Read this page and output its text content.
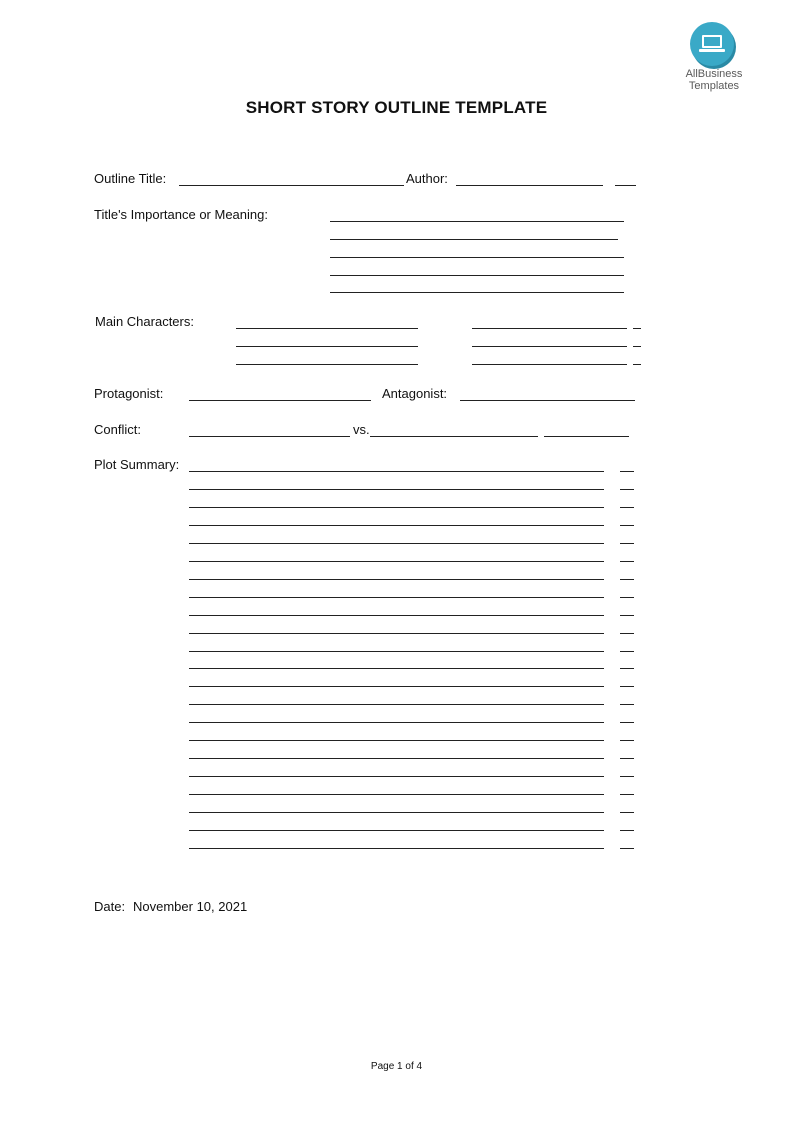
AllBusiness
Templates
SHORT STORY OUTLINE TEMPLATE
Outline Title:	Author:
Title's Importance or Meaning:
Main Characters:
Protagonist:	Antagonist:
Conflict:	vs.
Plot Summary:
Date: November 10, 2021
Page 1 of 4
